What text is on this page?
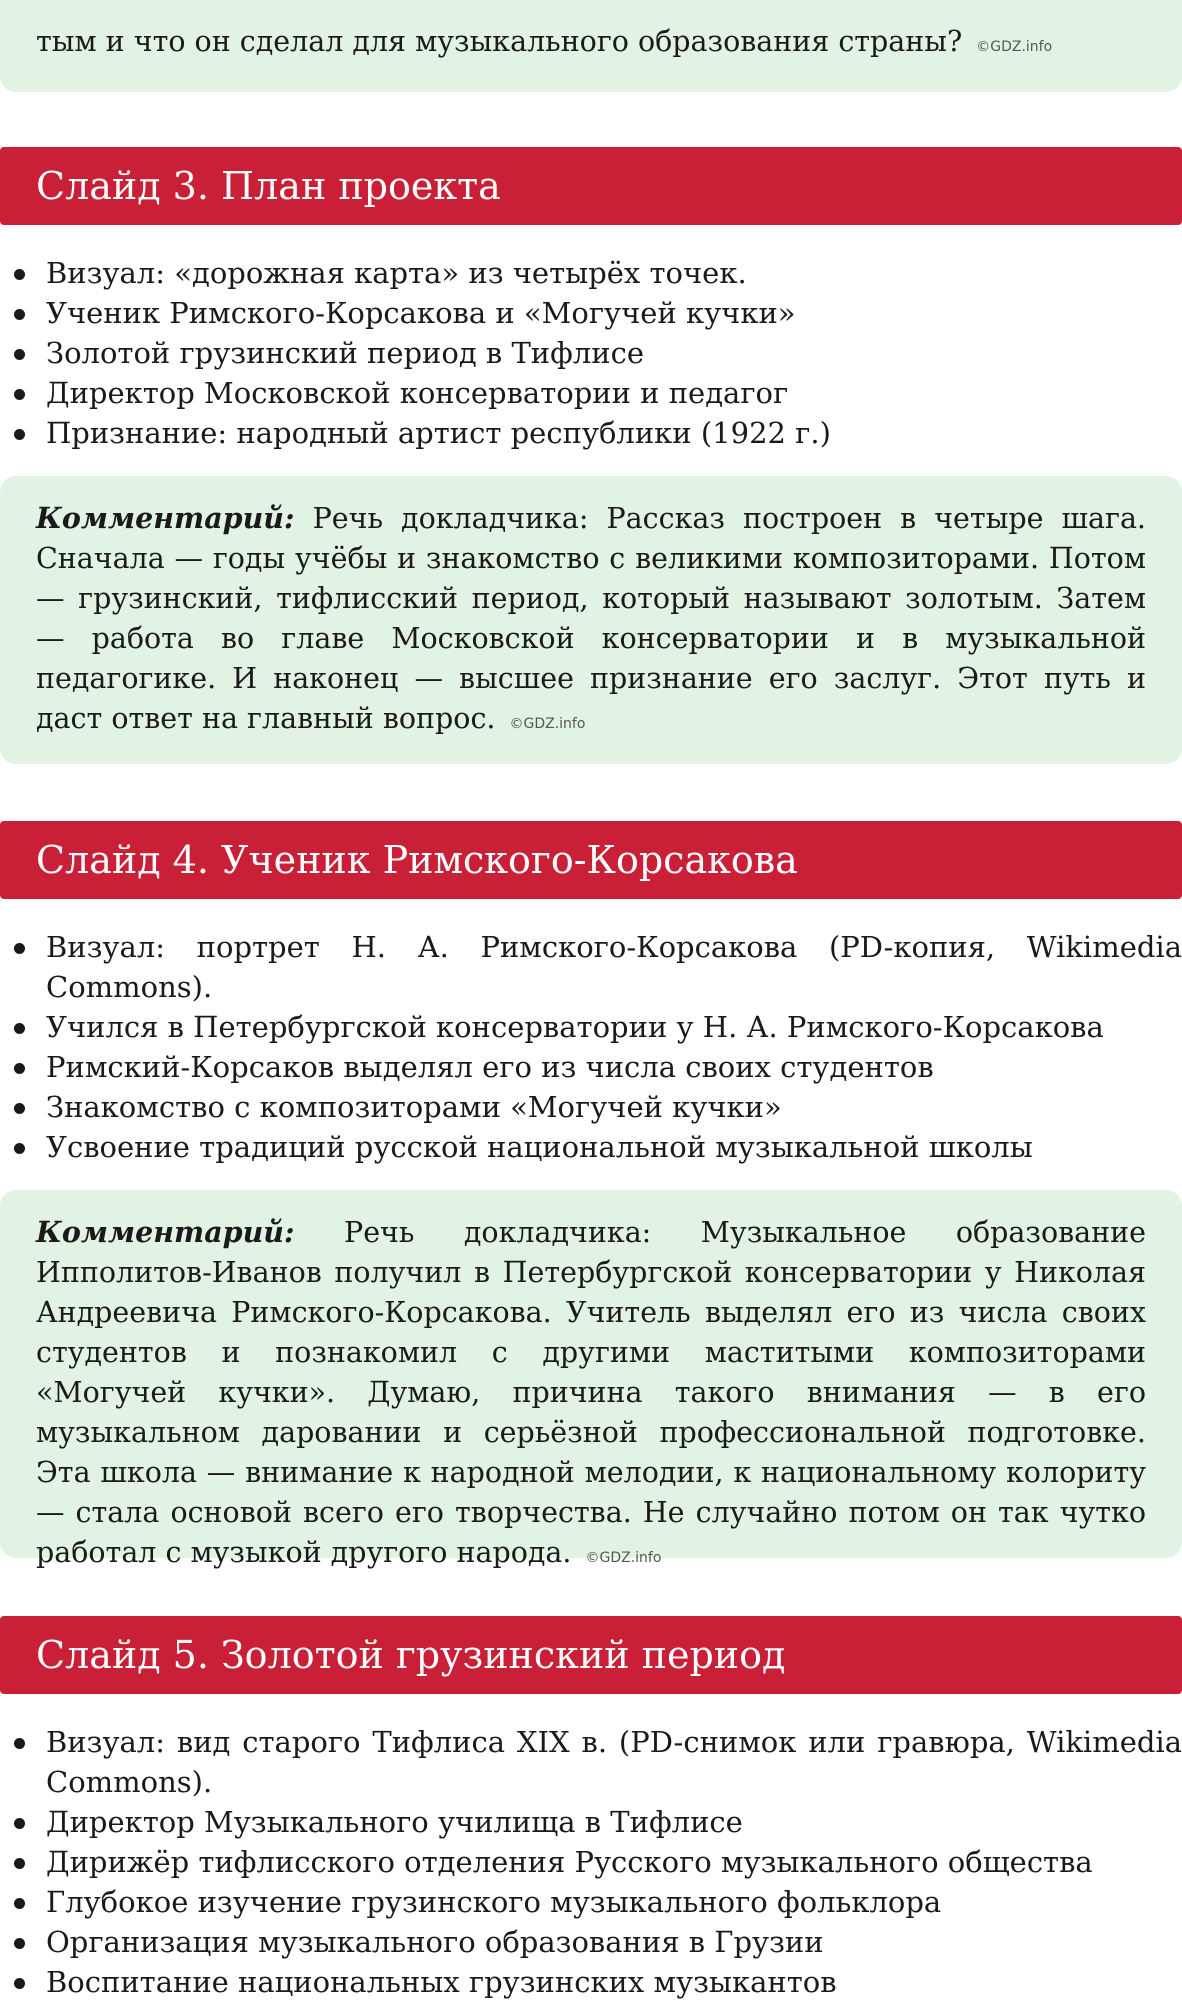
тым и что он сделал для музыкального образования страны? ©GDZ.info
Слайд 3. План проекта
Визуал: «дорожная карта» из четырёх точек.
Ученик Римского-Корсакова и «Могучей кучки»
Золотой грузинский период в Тифлисе
Директор Московской консерватории и педагог
Признание: народный артист республики (1922 г.)
Комментарий: Речь докладчика: Рассказ построен в четыре шага. Сначала — годы учёбы и знакомство с великими композиторами. Потом — грузинский, тифлисский период, который называют золотым. Затем — работа во главе Московской консерватории и в музыкальной педагогике. И наконец — высшее признание его заслуг. Этот путь и даст ответ на главный вопрос. ©GDZ.info
Слайд 4. Ученик Римского-Корсакова
Визуал: портрет Н. А. Римского-Корсакова (PD-копия, Wikimedia Commons).
Учился в Петербургской консерватории у Н. А. Римского-Корсакова
Римский-Корсаков выделял его из числа своих студентов
Знакомство с композиторами «Могучей кучки»
Усвоение традиций русской национальной музыкальной школы
Комментарий: Речь докладчика: Музыкальное образование Ипполитов-Иванов получил в Петербургской консерватории у Николая Андреевича Римского-Корсакова. Учитель выделял его из числа своих студентов и познакомил с другими маститыми композиторами «Могучей кучки». Думаю, причина такого внимания — в его музыкальном даровании и серьёзной профессиональной подготовке. Эта школа — внимание к народной мелодии, к национальному колориту — стала основой всего его творчества. Не случайно потом он так чутко работал с музыкой другого народа. ©GDZ.info
Слайд 5. Золотой грузинский период
Визуал: вид старого Тифлиса XIX в. (PD-снимок или гравюра, Wikimedia Commons).
Директор Музыкального училища в Тифлисе
Дирижёр тифлисского отделения Русского музыкального общества
Глубокое изучение грузинского музыкального фольклора
Организация музыкального образования в Грузии
Воспитание национальных грузинских музыкантов
